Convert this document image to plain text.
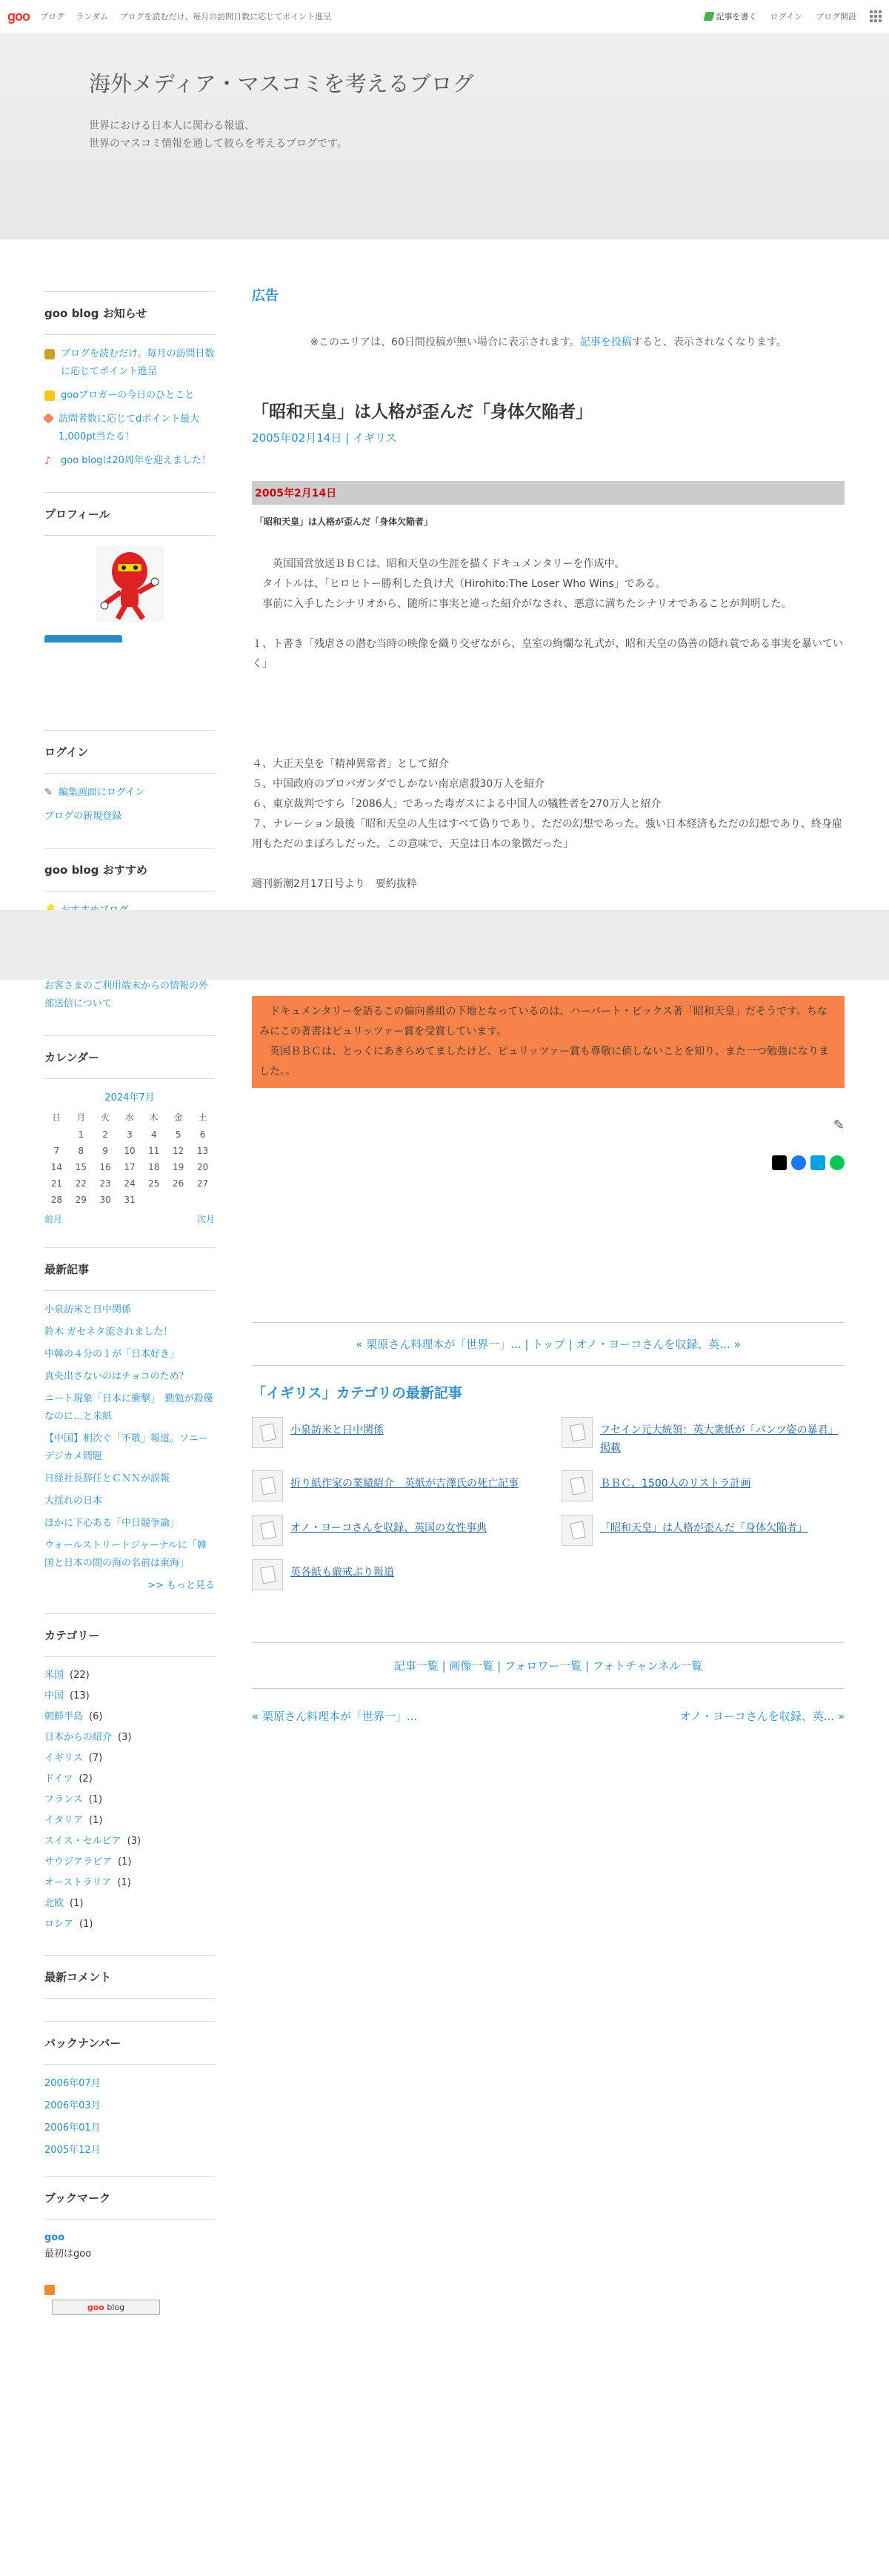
goo ブログ ランダム ブログを読むだけ、毎月の訪問日数に応じてポイント進呈	記事を書く ログイン ブログ開設
海外メディア・マスコミを考えるブログ
世界における日本人に関わる報道、
世界のマスコミ情報を通して彼らを考えるブログです。
goo blog お知らせ
ブログを読むだけ。毎月の訪問日数に応じてポイント進呈
gooブロガーの今日のひとこと
訪問者数に応じてdポイント最大1,000pt当たる！
♪	goo blogは20周年を迎えました！
プロフィール
ログイン
✎ 編集画面にログイン
ブログの新規登録
goo blog おすすめ
お客さまのご利用端末からの情報の外部送信について
カレンダー
2024年7月
日	月	火	水	木	金	土
	1	2	3	4	5	6
7	8	9	10	11	12	13
14	15	16	17	18	19	20
21	22	23	24	25	26	27
28	29	30	31			
前月	次月
最新記事
小泉訪米と日中関係
鈴木 ガセネタ流されました！
中韓の４分の１が「日本好き」
真央出さないのはチョコのため？
ニート現象「日本に衝撃」　勤勉が殺優なのに…と米紙
【中国】相次ぐ「不敬」報道。ソニーデジカメ問題
日経社長辞任とＣＮＮが誤報
大揺れの日本
ほかに下心ある「中日競争論」
ウォールストリートジャーナルに「韓国と日本の間の海の名前は東海」
>> もっと見る
カテゴリー
米国 (22)
中国 (13)
朝鮮半島 (6)
日本からの紹介 (3)
イギリス (7)
ドイツ (2)
フランス (1)
イタリア (1)
スイス・セルビア (3)
サウジアラビア (1)
オーストラリア (1)
北欧 (1)
ロシア (1)
最新コメント
バックナンバー
2006年07月
2006年03月
2006年01月
2005年12月
ブックマーク
goo
最初はgoo
goo blog
広告
※このエリアは、60日間投稿が無い場合に表示されます。記事を投稿すると、表示されなくなります。
「昭和天皇」は人格が歪んだ「身体欠陥者」
2005年02月14日 | イギリス
2005年2月14日
「昭和天皇」は人格が歪んだ「身体欠陥者」

　　英国国営放送ＢＢＣは、昭和天皇の生涯を描くドキュメンタリーを作成中。

　タイトルは、「ヒロヒトー勝利した負け犬（Hirohito:The Loser Who Wins」である。

　事前に入手したシナリオから、随所に事実と違った紹介がなされ、悪意に満ちたシナリオであることが判明した。

１、ト書き「残虐さの潜む当時の映像を織り交ぜながら、皇室の絢爛な礼式が、昭和天皇の偽善の隠れ蓑である事実を暴いていく」

４、大正天皇を「精神異常者」として紹介

５、中国政府のプロパガンダでしかない南京虐殺30万人を紹介

６、東京裁判ですら「2086人」であった毒ガスによる中国人の犠牲者を270万人と紹介

７、ナレーション最後「昭和天皇の人生はすべて偽りであり、ただの幻想であった。強い日本経済もただの幻想であり、終身雇用もただのまぼろしだった。この意味で、天皇は日本の象徴だった」

週刊新潮2月17日号より　要約抜粋

　ドキュメンタリーを語るこの偏向番組の下地となっているのは、ハーバート・ビックス著「昭和天皇」だそうです。ちなみにこの著書はピュリッツァー賞を受賞しています。
　英国ＢＢＣは、とっくにあきらめてましたけど、ピュリッツァー賞も尊敬に値しないことを知り、また一つ勉強になりました。。
✎
« 栗原さん料理本が「世界一」... | トップ | オノ・ヨーコさんを収録、英... »
「イギリス」カテゴリの最新記事
小泉訪米と日中関係	フセイン元大統領：英大衆紙が「パンツ姿の暴君」掲載
折り紙作家の業績紹介　英紙が吉澤氏の死亡記事	ＢＢＣ、1500人のリストラ計画
オノ・ヨーコさんを収録、英国の女性事典	「昭和天皇」は人格が歪んだ「身体欠陥者」
英各紙も厳戒ぶり報道
記事一覧 | 画像一覧 | フォロワー一覧 | フォトチャンネル一覧
« 栗原さん料理本が「世界一」...	オノ・ヨーコさんを収録、英... »
